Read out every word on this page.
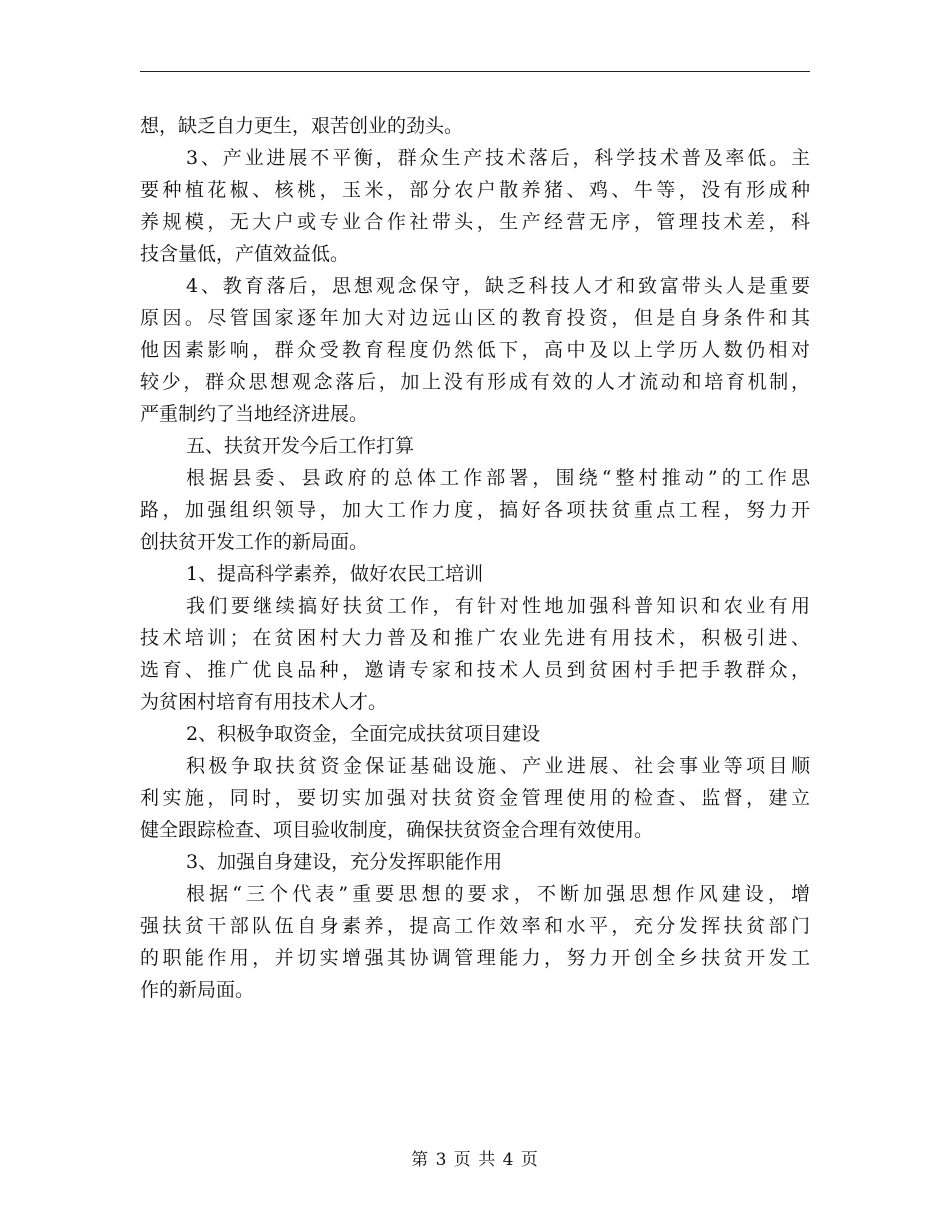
想，缺乏自力更生，艰苦创业的劲头。
3、产业进展不平衡，群众生产技术落后，科学技术普及率低。主
要种植花椒、核桃，玉米，部分农户散养猪、鸡、牛等，没有形成种
养规模，无大户或专业合作社带头，生产经营无序，管理技术差，科
技含量低，产值效益低。
4、教育落后，思想观念保守，缺乏科技人才和致富带头人是重要
原因。尽管国家逐年加大对边远山区的教育投资，但是自身条件和其
他因素影响，群众受教育程度仍然低下，高中及以上学历人数仍相对
较少，群众思想观念落后，加上没有形成有效的人才流动和培育机制，
严重制约了当地经济进展。
五、扶贫开发今后工作打算
根据县委、县政府的总体工作部署，围绕“整村推动”的工作思
路，加强组织领导，加大工作力度，搞好各项扶贫重点工程，努力开
创扶贫开发工作的新局面。
1、提高科学素养，做好农民工培训
我们要继续搞好扶贫工作，有针对性地加强科普知识和农业有用
技术培训；在贫困村大力普及和推广农业先进有用技术，积极引进、
选育、推广优良品种，邀请专家和技术人员到贫困村手把手教群众，
为贫困村培育有用技术人才。
2、积极争取资金，全面完成扶贫项目建设
积极争取扶贫资金保证基础设施、产业进展、社会事业等项目顺
利实施，同时，要切实加强对扶贫资金管理使用的检查、监督，建立
健全跟踪检查、项目验收制度，确保扶贫资金合理有效使用。
3、加强自身建设，充分发挥职能作用
根据“三个代表”重要思想的要求，不断加强思想作风建设，增
强扶贫干部队伍自身素养，提高工作效率和水平，充分发挥扶贫部门
的职能作用，并切实增强其协调管理能力，努力开创全乡扶贫开发工
作的新局面。
第 3 页 共 4 页
